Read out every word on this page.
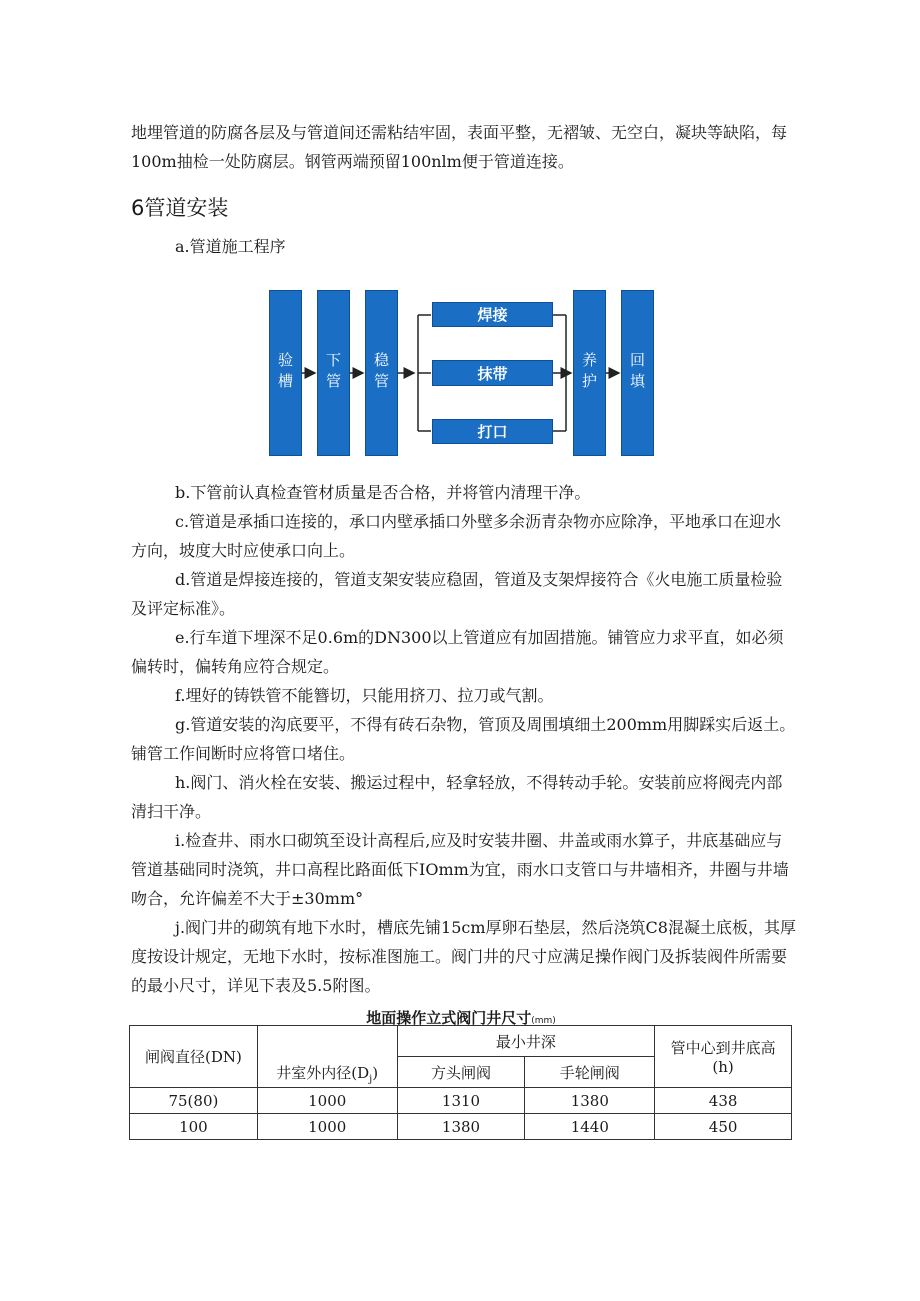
地埋管道的防腐各层及与管道间还需粘结牢固，表面平整，无褶皱、无空白，凝块等缺陷，每100m抽检一处防腐层。钢管两端预留100nlm便于管道连接。

6管道安装
a.管道施工程序
验槽 下管 稳管
焊接
抹带
打口
养护 回填

b.下管前认真检查管材质量是否合格，并将管内清理干净。

c.管道是承插口连接的，承口内壁承插口外壁多余沥青杂物亦应除净，平地承口在迎水方向，坡度大时应使承口向上。

d.管道是焊接连接的，管道支架安装应稳固，管道及支架焊接符合《火电施工质量检验及评定标准》。

e.行车道下埋深不足0.6m的DN300以上管道应有加固措施。铺管应力求平直，如必须偏转时，偏转角应符合规定。

f.埋好的铸铁管不能簪切，只能用挤刀、拉刀或气割。

g.管道安装的沟底要平，不得有砖石杂物，管顶及周围填细土200mm用脚踩实后返土。铺管工作间断时应将管口堵住。

h.阀门、消火栓在安装、搬运过程中，轻拿轻放，不得转动手轮。安装前应将阀壳内部清扫干净。

i.检查井、雨水口砌筑至设计高程后,应及时安装井圈、井盖或雨水算子，井底基础应与管道基础同时浇筑，井口高程比路面低下IOmm为宜，雨水口支管口与井墙相齐，井圈与井墙吻合，允许偏差不大于±30mm°

j.阀门井的砌筑有地下水时，槽底先铺15cm厚卵石垫层，然后浇筑C8混凝土底板，其厚度按设计规定，无地下水时，按标准图施工。阀门井的尺寸应满足操作阀门及拆装阀件所需要的最小尺寸，详见下表及5.5附图。

地面操作立式阀门井尺寸(mm)
闸阀直径(DN)	井室外内径$(D_j)$	最小井深		管中心到井底高
(h)

		方头闸阀	手轮闸阀	
75(80)	1000	1310	1380	438
100	1000	1380	1440	450
